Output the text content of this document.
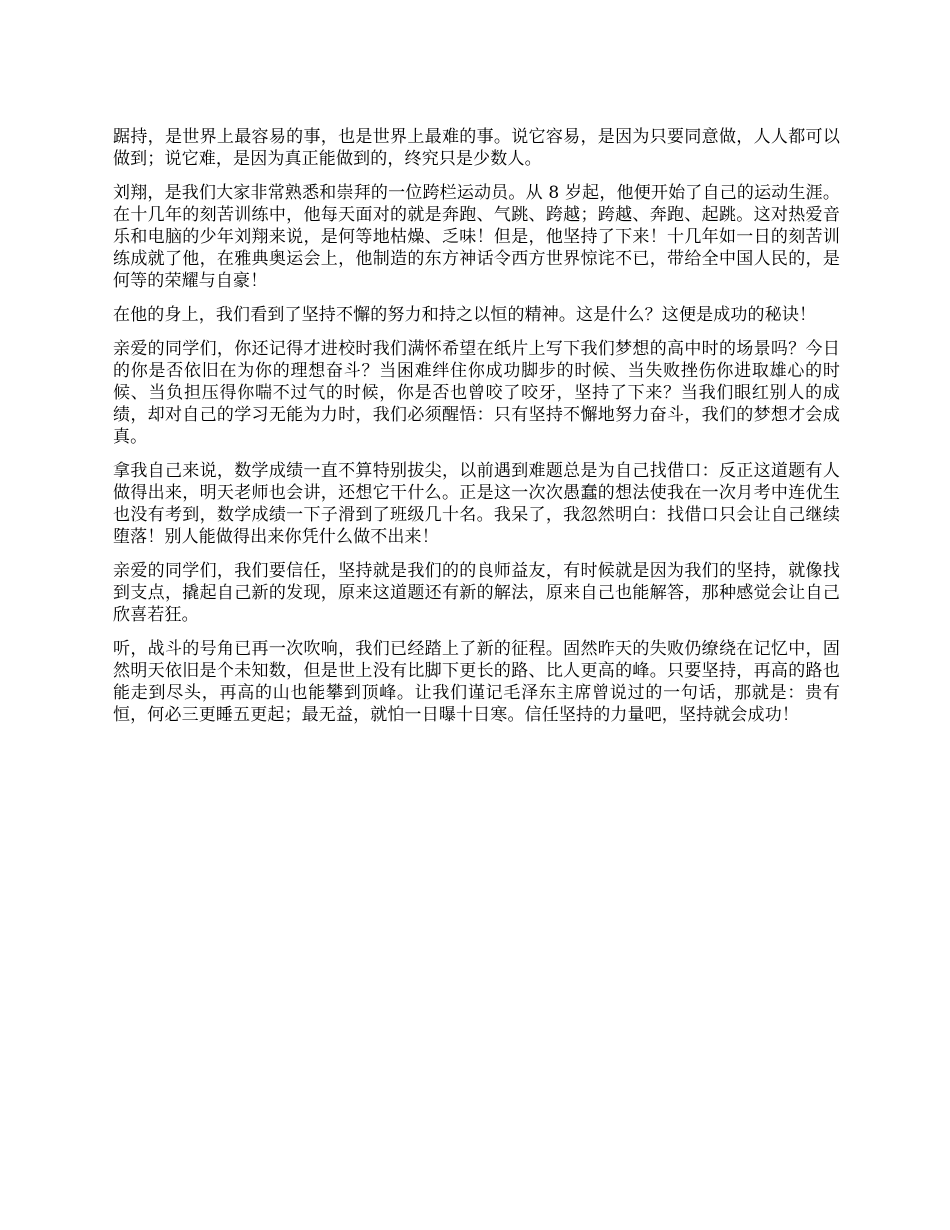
踞持，是世界上最容易的事，也是世界上最难的事。说它容易，是因为只要同意做，人人都可以做到；说它难，是因为真正能做到的，终究只是少数人。

刘翔，是我们大家非常熟悉和崇拜的一位跨栏运动员。从 8 岁起，他便开始了自己的运动生涯。在十几年的刻苦训练中，他每天面对的就是奔跑、气跳、跨越；跨越、奔跑、起跳。这对热爱音乐和电脑的少年刘翔来说，是何等地枯燥、乏味！但是，他坚持了下来！十几年如一日的刻苦训练成就了他，在雅典奥运会上，他制造的东方神话令西方世界惊诧不已，带给全中国人民的，是何等的荣耀与自豪！

在他的身上，我们看到了坚持不懈的努力和持之以恒的精神。这是什么？这便是成功的秘诀！

亲爱的同学们，你还记得才进校时我们满怀希望在纸片上写下我们梦想的高中时的场景吗？今日的你是否依旧在为你的理想奋斗？当困难绊住你成功脚步的时候、当失败挫伤你进取雄心的时候、当负担压得你喘不过气的时候，你是否也曾咬了咬牙，坚持了下来？当我们眼红别人的成绩，却对自己的学习无能为力时，我们必须醒悟：只有坚持不懈地努力奋斗，我们的梦想才会成真。

拿我自己来说，数学成绩一直不算特别拔尖，以前遇到难题总是为自己找借口：反正这道题有人做得出来，明天老师也会讲，还想它干什么。正是这一次次愚蠢的想法使我在一次月考中连优生也没有考到，数学成绩一下子滑到了班级几十名。我呆了，我忽然明白：找借口只会让自己继续堕落！别人能做得出来你凭什么做不出来！

亲爱的同学们，我们要信任，坚持就是我们的的良师益友，有时候就是因为我们的坚持，就像找到支点，撬起自己新的发现，原来这道题还有新的解法，原来自己也能解答，那种感觉会让自己欣喜若狂。

听，战斗的号角已再一次吹响，我们已经踏上了新的征程。固然昨天的失败仍缭绕在记忆中，固然明天依旧是个未知数，但是世上没有比脚下更长的路、比人更高的峰。只要坚持，再高的路也能走到尽头，再高的山也能攀到顶峰。让我们谨记毛泽东主席曾说过的一句话，那就是：贵有恒，何必三更睡五更起；最无益，就怕一日曝十日寒。信任坚持的力量吧，坚持就会成功！
